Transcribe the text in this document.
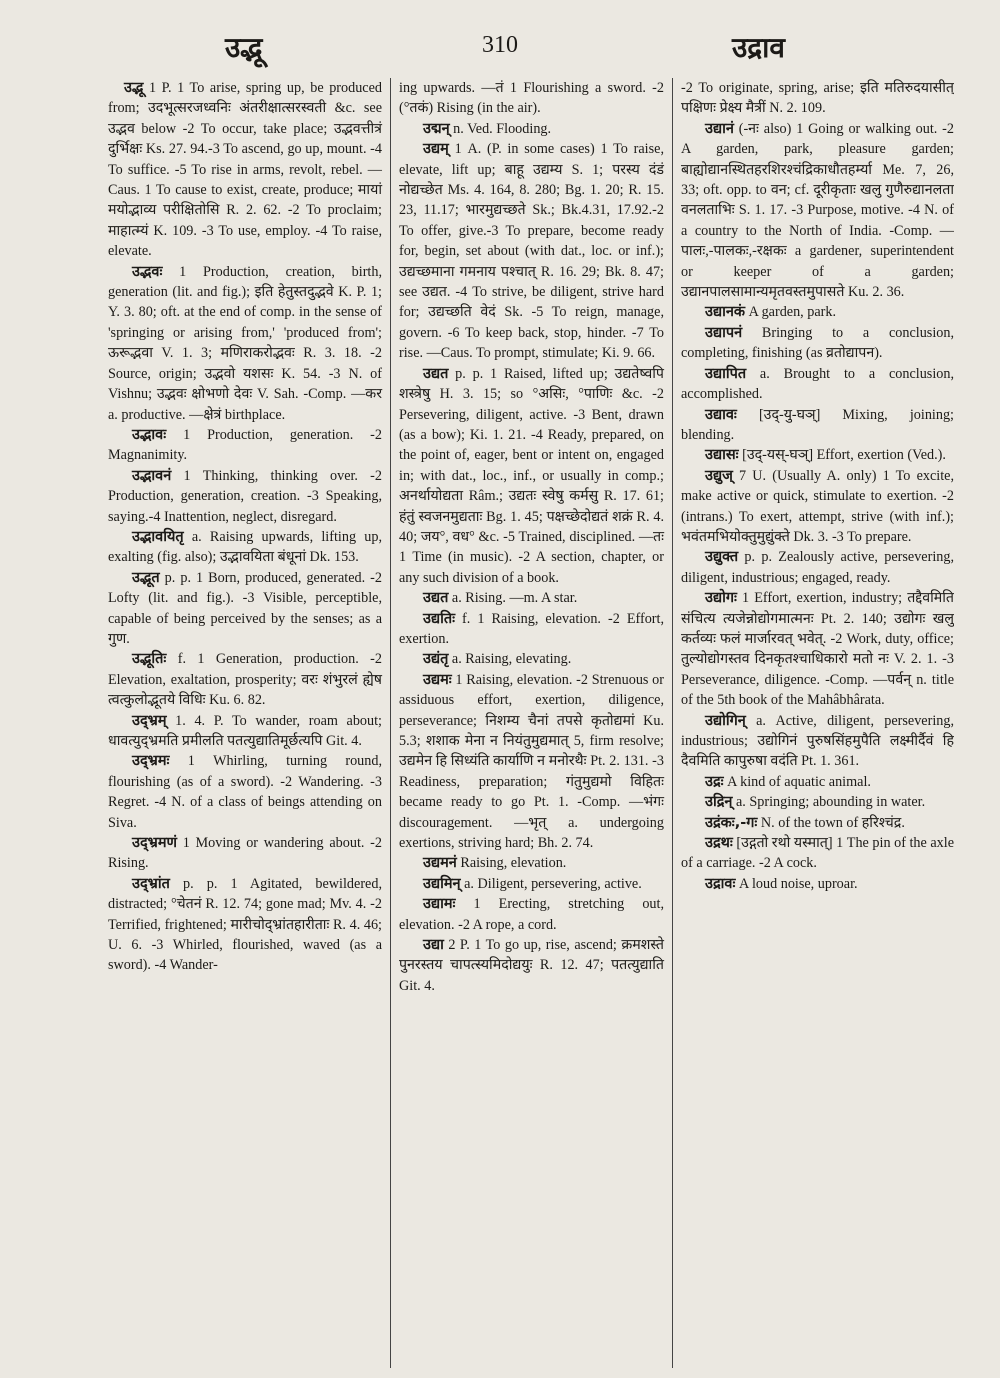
उद्भू	310	उद्राव

उद्भू 1 P. 1 To arise, spring up, be produced from; उदभूत्सरजध्वनिः अंतरीक्षात्सरस्वती &c. see उद्भव below -2 To occur, take place; उद्भवत्तीत्रं दुर्भिक्षः Ks. 27. 94.-3 To ascend, go up, mount. -4 To suffice. -5 To rise in arms, revolt, rebel. —Caus. 1 To cause to exist, create, produce; मायां मयोद्भाव्य परीक्षितोसि R. 2. 62. -2 To proclaim; माहात्म्यं K. 109. -3 To use, employ. -4 To raise, elevate.

उद्भवः 1 Production, creation, birth, generation (lit. and fig.); इति हेतुस्तदुद्भवे K. P. 1; Y. 3. 80; oft. at the end of comp. in the sense of 'springing or arising from,' 'produced from'; ऊरूद्भवा V. 1. 3; मणिराकरोद्भवः R. 3. 18. -2 Source, origin; उद्भवो यशसः K. 54. -3 N. of Vishnu; उद्भवः क्षोभणो देवः V. Sah. -Comp. —कर a. productive. —क्षेत्रं birthplace.

उद्भावः 1 Production, generation. -2 Magnanimity.

उद्भावनं 1 Thinking, thinking over. -2 Production, generation, creation. -3 Speaking, saying.-4 Inattention, neglect, disregard.

उद्भावयितृ a. Raising upwards, lifting up, exalting (fig. also); उद्भावयिता बंधूनां Dk. 153.

उद्भूत p. p. 1 Born, produced, generated. -2 Lofty (lit. and fig.). -3 Visible, perceptible, capable of being perceived by the senses; as a गुण.

उद्भूतिः f. 1 Generation, production. -2 Elevation, exaltation, prosperity; वरः शंभुरलं ह्येष त्वत्कुलोद्भूतये विधिः Ku. 6. 82.

उद्भ्रम् 1. 4. P. To wander, roam about; धावत्युद्भ्रमति प्रमीलति पतत्युद्यातिमूर्छत्यपि Git. 4.

उद्भ्रमः 1 Whirling, turning round, flourishing (as of a sword). -2 Wandering. -3 Regret. -4 N. of a class of beings attending on Siva.

उद्भ्रमणं 1 Moving or wandering about. -2 Rising.

उद्भ्रांत p. p. 1 Agitated, bewildered, distracted; °चेतनं R. 12. 74; gone mad; Mv. 4. -2 Terrified, frightened; मारीचोद्भ्रांतहारीताः R. 4. 46; U. 6. -3 Whirled, flourished, waved (as a sword). -4 Wander-

ing upwards. —तं 1 Flourishing a sword. -2 (°तकं) Rising (in the air).

उद्मन् n. Ved. Flooding.

उद्यम् 1 A. (P. in some cases) 1 To raise, elevate, lift up; बाहू उद्यम्य S. 1; परस्य दंडं नोद्यच्छेत Ms. 4. 164, 8. 280; Bg. 1. 20; R. 15. 23, 11.17; भारमुद्यच्छते Sk.; Bk.4.31, 17.92.-2 To offer, give.-3 To prepare, become ready for, begin, set about (with dat., loc. or inf.); उद्यच्छमाना गमनाय पश्चात् R. 16. 29; Bk. 8. 47; see उद्यत. -4 To strive, be diligent, strive hard for; उद्यच्छति वेदं Sk. -5 To reign, manage, govern. -6 To keep back, stop, hinder. -7 To rise. —Caus. To prompt, stimulate; Ki. 9. 66.

उद्यत p. p. 1 Raised, lifted up; उद्यतेष्वपि शस्त्रेषु H. 3. 15; so °असिः, °पाणिः &c. -2 Persevering, diligent, active. -3 Bent, drawn (as a bow); Ki. 1. 21. -4 Ready, prepared, on the point of, eager, bent or intent on, engaged in; with dat., loc., inf., or usually in comp.; अनर्थायोद्यता Râm.; उद्यतः स्वेषु कर्मसु R. 17. 61; हंतुं स्वजनमुद्यताः Bg. 1. 45; पक्षच्छेदोद्यतं शक्रं R. 4. 40; जय°, वध° &c. -5 Trained, disciplined. —तः 1 Time (in music). -2 A section, chapter, or any such division of a book.

उद्यत a. Rising. —m. A star.

उद्यतिः f. 1 Raising, elevation. -2 Effort, exertion.

उद्यंतृ a. Raising, elevating.

उद्यमः 1 Raising, elevation. -2 Strenuous or assiduous effort, exertion, diligence, perseverance; निशम्य चैनां तपसे कृतोद्यमां Ku. 5.3; शशाक मेना न नियंतुमुद्यमात् 5, firm resolve; उद्यमेन हि सिध्यंति कार्याणि न मनोरथैः Pt. 2. 131. -3 Readiness, preparation; गंतुमुद्यमो विहितः became ready to go Pt. 1. -Comp. —भंगः discouragement. —भृत् a. undergoing exertions, striving hard; Bh. 2. 74.

उद्यमनं Raising, elevation.

उद्यमिन् a. Diligent, persevering, active.

उद्यामः 1 Erecting, stretching out, elevation. -2 A rope, a cord.

उद्या 2 P. 1 To go up, rise, ascend; क्रमशस्ते पुनरस्तय चापत्स्यमिदोद्ययुः R. 12. 47; पतत्युद्याति Git. 4.

-2 To originate, spring, arise; इति मतिरुदयासीत् पक्षिणः प्रेक्ष्य मैत्रीं N. 2. 109.

उद्यानं (-नः also) 1 Going or walking out. -2 A garden, park, pleasure garden; बाह्योद्यानस्थितहरशिरश्चंद्रिकाधौतहर्म्या Me. 7, 26, 33; oft. opp. to वन; cf. दूरीकृताः खलु गुणैरुद्यानलता वनलताभिः S. 1. 17. -3 Purpose, motive. -4 N. of a country to the North of India. -Comp. —पालः,-पालकः,-रक्षकः a gardener, superintendent or keeper of a garden; उद्यानपालसामान्यमृतवस्तमुपासते Ku. 2. 36.

उद्यानकं A garden, park.

उद्यापनं Bringing to a conclusion, completing, finishing (as व्रतोद्यापन).

उद्यापित a. Brought to a conclusion, accomplished.

उद्यावः [उद्-यु-घञ्] Mixing, joining; blending.

उद्यासः [उद्-यस्-घञ्] Effort, exertion (Ved.).

उद्युज् 7 U. (Usually A. only) 1 To excite, make active or quick, stimulate to exertion. -2 (intrans.) To exert, attempt, strive (with inf.); भवंतमभियोक्तुमुद्युंक्ते Dk. 3. -3 To prepare.

उद्युक्त p. p. Zealously active, persevering, diligent, industrious; engaged, ready.

उद्योगः 1 Effort, exertion, industry; तद्दैवमिति संचित्य त्यजेन्नोद्योगमात्मनः Pt. 2. 140; उद्योगः खलु कर्तव्यः फलं मार्जारवत् भवेत्. -2 Work, duty, office; तुल्योद्योगस्तव दिनकृतश्चाधिकारो मतो नः V. 2. 1. -3 Perseverance, diligence. -Comp. —पर्वन् n. title of the 5th book of the Mahâbhârata.

उद्योगिन् a. Active, diligent, persevering, industrious; उद्योगिनं पुरुषसिंहमुपैति लक्ष्मीर्दैवं हि दैवमिति कापुरुषा वदंति Pt. 1. 361.

उद्रः A kind of aquatic animal.

उद्रिन् a. Springing; abounding in water.

उद्रंकः,-गः N. of the town of हरिश्चंद्र.

उद्रथः [उद्गतो रथो यस्मात्] 1 The pin of the axle of a carriage. -2 A cock.

उद्रावः A loud noise, uproar.
